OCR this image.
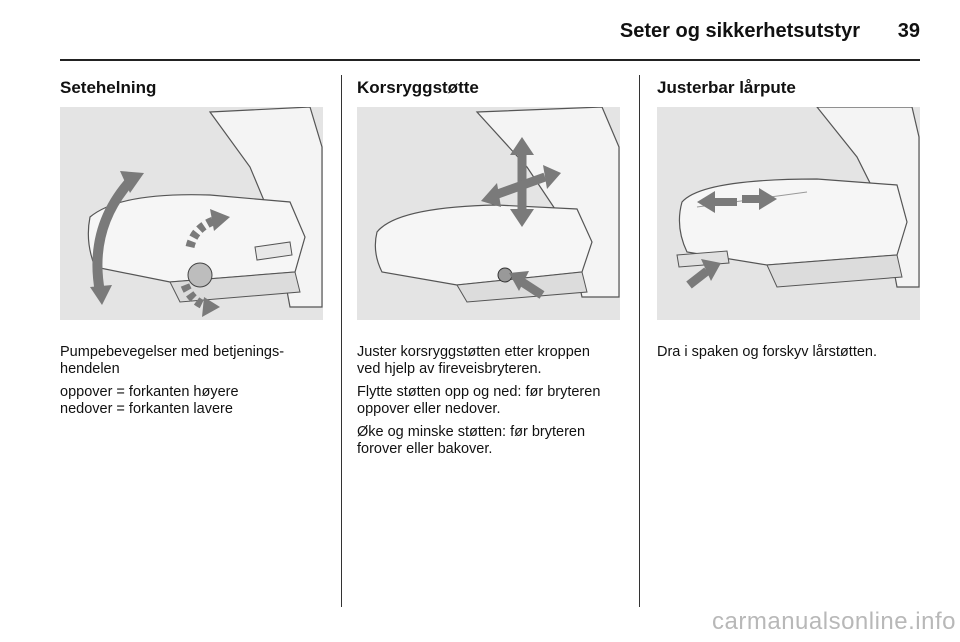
Seter og sikkerhetsutstyr	39
Setehelning

Pumpebevegelser med betjenings-
hendelen

oppover = forkanten høyere
nedover = forkanten lavere

Korsryggstøtte

Juster korsryggstøtten etter kroppen
ved hjelp av fireveisbryteren.

Flytte støtten opp og ned: før bryteren
oppover eller nedover.

Øke og minske støtten: før bryteren
forover eller bakover.

Justerbar lårpute

Dra i spaken og forskyv lårstøtten.

carmanualsonline.info
